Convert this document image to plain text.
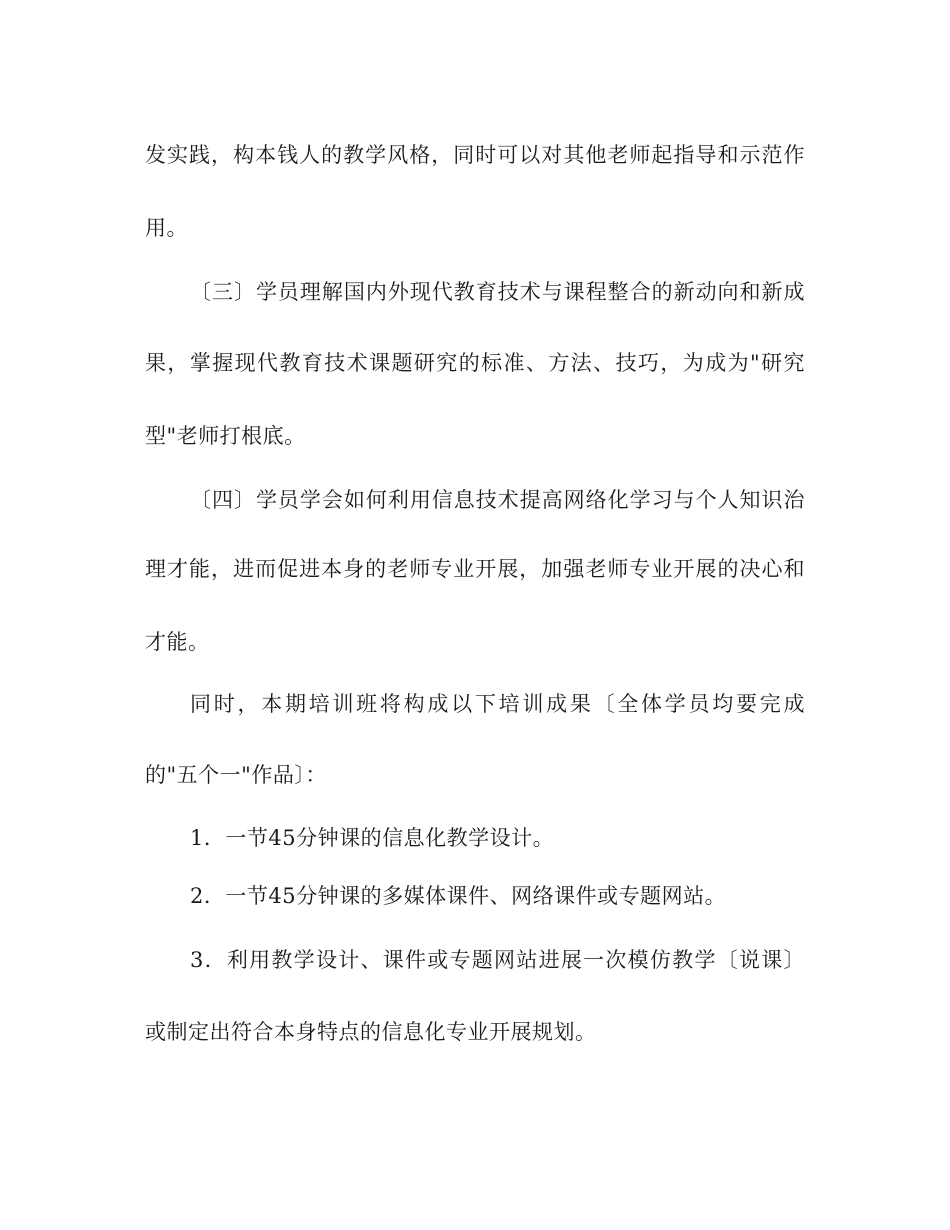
发实践，构本钱人的教学风格，同时可以对其他老师起指导和示范作
用。
〔三〕学员理解国内外现代教育技术与课程整合的新动向和新成
果，掌握现代教育技术课题研究的标准、方法、技巧，为成为"研究
型"老师打根底。
〔四〕学员学会如何利用信息技术提高网络化学习与个人知识治
理才能，进而促进本身的老师专业开展，加强老师专业开展的决心和
才能。
同时，本期培训班将构成以下培训成果〔全体学员均要完成
的"五个一"作品〕：
1．一节45分钟课的信息化教学设计。
2．一节45分钟课的多媒体课件、网络课件或专题网站。
3．利用教学设计、课件或专题网站进展一次模仿教学〔说课〕
或制定出符合本身特点的信息化专业开展规划。
